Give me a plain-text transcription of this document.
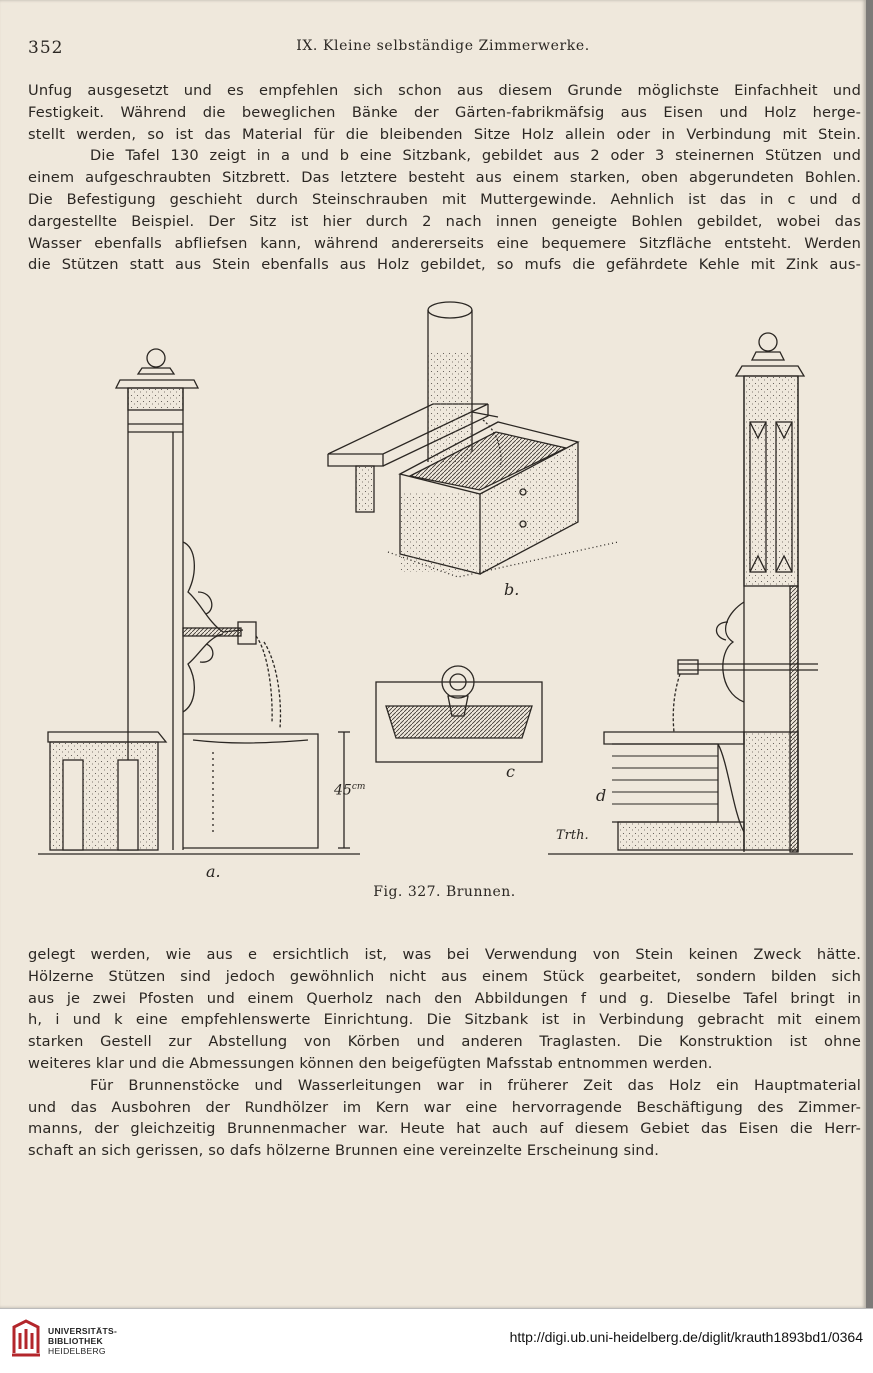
352	IX. Kleine selbständige Zimmerwerke.
Unfug ausgesetzt und es empfehlen sich schon aus diesem Grunde möglichste Einfachheit und
Festigkeit. Während die beweglichen Bänke der Gärten-fabrikmäfsig aus Eisen und Holz herge-
stellt werden, so ist das Material für die bleibenden Sitze Holz allein oder in Verbindung mit Stein.
Die Tafel 130 zeigt in a und b eine Sitzbank, gebildet aus 2 oder 3 steinernen Stützen und
einem aufgeschraubten Sitzbrett. Das letztere besteht aus einem starken, oben abgerundeten Bohlen.
Die Befestigung geschieht durch Steinschrauben mit Muttergewinde. Aehnlich ist das in c und d
dargestellte Beispiel. Der Sitz ist hier durch 2 nach innen geneigte Bohlen gebildet, wobei das
Wasser ebenfalls abfliefsen kann, während andererseits eine bequemere Sitzfläche entsteht. Werden
die Stützen statt aus Stein ebenfalls aus Holz gebildet, so mufs die gefährdete Kehle mit Zink aus-
a.
b.
c
d
$45^{cm}$
Trth.
Fig. 327. Brunnen.
gelegt werden, wie aus e ersichtlich ist, was bei Verwendung von Stein keinen Zweck hätte.
Hölzerne Stützen sind jedoch gewöhnlich nicht aus einem Stück gearbeitet, sondern bilden sich
aus je zwei Pfosten und einem Querholz nach den Abbildungen f und g. Dieselbe Tafel bringt in
h, i und k eine empfehlenswerte Einrichtung. Die Sitzbank ist in Verbindung gebracht mit einem
starken Gestell zur Abstellung von Körben und anderen Traglasten. Die Konstruktion ist ohne
weiteres klar und die Abmessungen können den beigefügten Mafsstab entnommen werden.
Für Brunnenstöcke und Wasserleitungen war in früherer Zeit das Holz ein Hauptmaterial
und das Ausbohren der Rundhölzer im Kern war eine hervorragende Beschäftigung des Zimmer-
manns, der gleichzeitig Brunnenmacher war. Heute hat auch auf diesem Gebiet das Eisen die Herr-
schaft an sich gerissen, so dafs hölzerne Brunnen eine vereinzelte Erscheinung sind.
UNIVERSITÄTS-
BIBLIOTHEK
HEIDELBERG
http://digi.ub.uni-heidelberg.de/diglit/krauth1893bd1/0364
